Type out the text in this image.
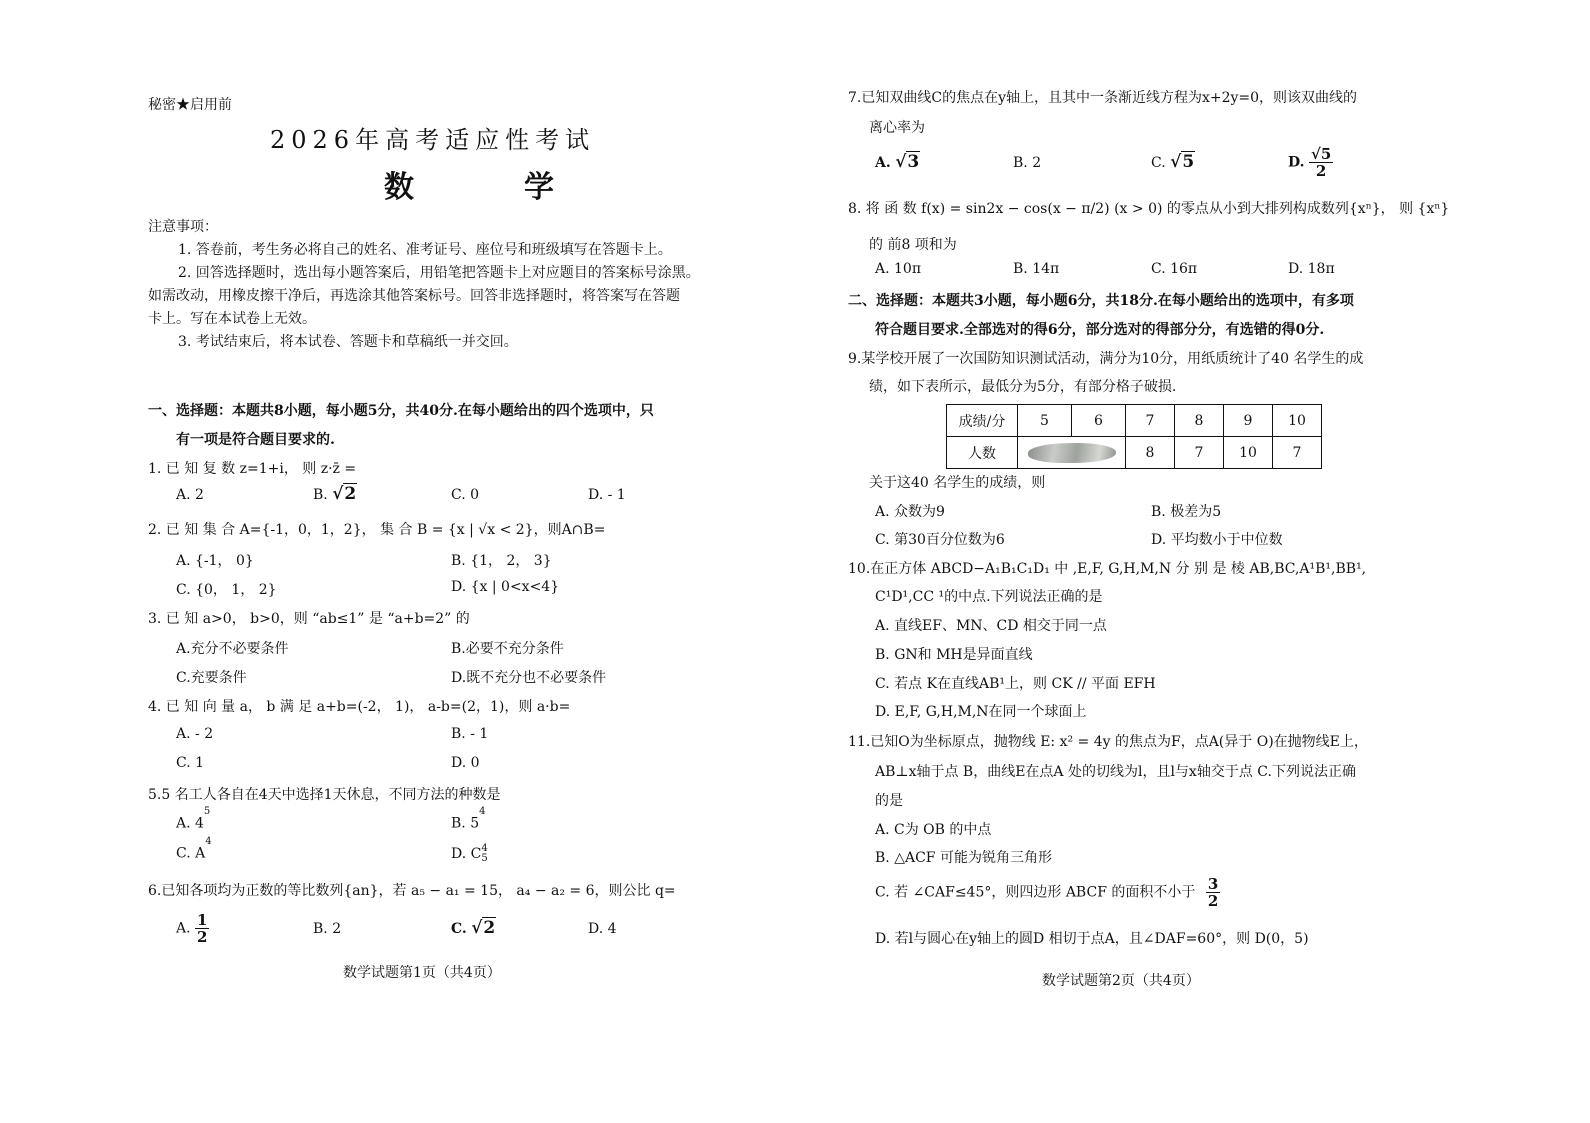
秘密★启用前
2026年高考适应性考试
数　学
注意事项：
1. 答卷前，考生务必将自己的姓名、准考证号、座位号和班级填写在答题卡上。
2. 回答选择题时，选出每小题答案后，用铅笔把答题卡上对应题目的答案标号涂黑。
如需改动，用橡皮擦干净后，再选涂其他答案标号。回答非选择题时，将答案写在答题
卡上。写在本试卷上无效。
3. 考试结束后，将本试卷、答题卡和草稿纸一并交回。
一、选择题：本题共8小题，每小题5分，共40分.在每小题给出的四个选项中，只
有一项是符合题目要求的.
1. 已 知 复 数 z=1+i， 则 z·z̄ =
A. 2	B. √2	C. 0	D. - 1
2. 已 知 集 合 A={-1，0，1，2}， 集 合 B = {x | √x < 2}，则A∩B=
A. {-1， 0}	B. {1， 2， 3}
C. {0， 1， 2}	D. {x | 0<x<4}
3. 已 知 a>0， b>0，则 “ab≤1” 是 “a+b=2” 的
A.充分不必要条件	B.必要不充分条件
C.充要条件	D.既不充分也不必要条件
4. 已 知 向 量 a， b 满 足 a+b=(-2， 1)， a-b=(2，1)，则 a·b=
A. - 2	B. - 1
C. 1	D. 0
5.5 名工人各自在4天中选择1天休息，不同方法的种数是
A. $4^5$
B. $5^4$
C. $A^4$
D. C 4
5
6.已知各项均为正数的等比数列{an}，若 a₅ − a₁ = 15， a₄ − a₂ = 6，则公比 q=
A. $\frac{1}{2}$	B. 2	C. √2	D. 4
数学试题第1页（共4页）
7.已知双曲线C的焦点在y轴上，且其中一条渐近线方程为x+2y=0，则该双曲线的
离心率为
A. √3	B. 2	C. √5	D. $\frac{√5}{2}$
8. 将 函 数 f(x) = sin2x − cos(x − π/2) (x > 0) 的零点从小到大排列构成数列{xⁿ}， 则 {xⁿ}
的 前8 项和为
A. 10π	B. 14π	C. 16π	D. 18π
二、选择题：本题共3小题，每小题6分，共18分.在每小题给出的选项中，有多项
符合题目要求.全部选对的得6分，部分选对的得部分分，有选错的得0分.
9.某学校开展了一次国防知识测试活动，满分为10分，用纸质统计了40 名学生的成
绩，如下表所示，最低分为5分，有部分格子破损.
成绩/分	5	6	7	8	9	10
人数			8	7	10	7
关于这40 名学生的成绩，则
A. 众数为9	B. 极差为5
C. 第30百分位数为6	D. 平均数小于中位数
10.在正方体 ABCD−A₁B₁C₁D₁ 中 ,E,F, G,H,M,N 分 别 是 棱 AB,BC,A¹B¹,BB¹,
C¹D¹,CC ¹的中点.下列说法正确的是
A. 直线EF、MN、CD 相交于同一点
B. GN和 MH是异面直线
C. 若点 K在直线AB¹上，则 CK // 平面 EFH
D. E,F, G,H,M,N在同一个球面上
11.已知O为坐标原点，抛物线 E: x² = 4y 的焦点为F，点A(异于 O)在抛物线E上，
AB⊥x轴于点 B，曲线E在点A 处的切线为l，且l与x轴交于点 C.下列说法正确
的是
A. C为 OB 的中点
B. △ACF 可能为锐角三角形
C. 若 ∠CAF≤45°，则四边形 ABCF 的面积不小于 $\frac{3}{2}$
D. 若l与圆心在y轴上的圆D 相切于点A，且∠DAF=60°，则 D(0，5)
数学试题第2页（共4页）
